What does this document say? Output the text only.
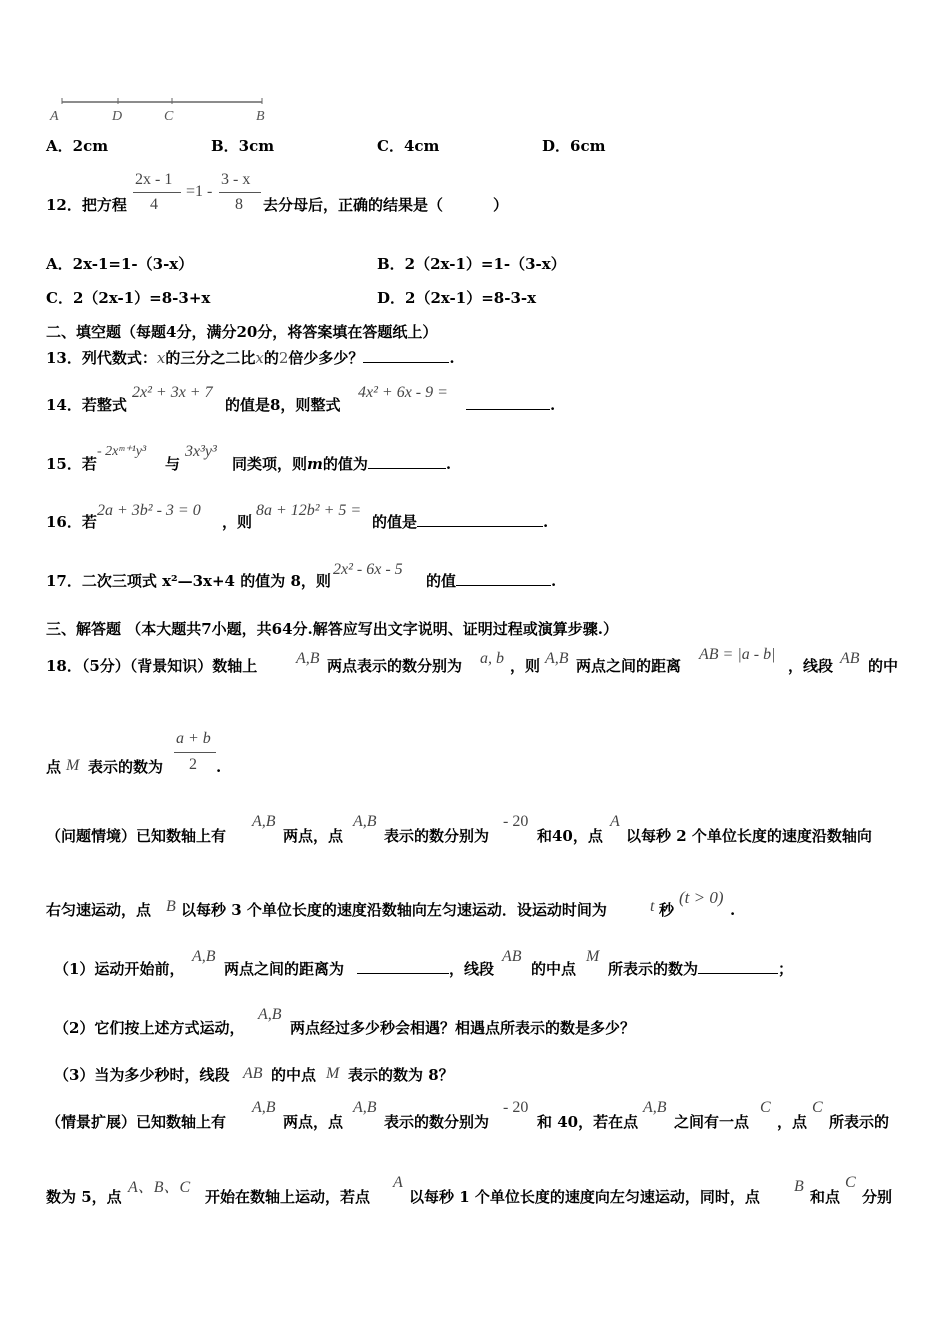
A	D	C	B
A．2cm	B．3cm	C．4cm	D．6cm
12．把方程
2x - 1
4
=1 -
3 - x
8 去分母后，正确的结果是（	）
A．2x-1=1-（3-x）	B．2（2x-1）=1-（3-x）
C．2（2x-1）=8-3+x	D．2（2x-1）=8-3-x
二、填空题（每题4分，满分20分，将答案填在答题纸上）
13．列代数式：x的三分之二比x的2倍少多少？	.
14．若整式
2x² + 3x + 7
的值是8，则整式
4x² + 6x - 9 =
.
15．若
- 2xᵐ⁺¹y³
与
3x³y³
同类项，则m的值为	.
16．若
2a + 3b² - 3 = 0
，则
8a + 12b² + 5 =
的值是	.
17．二次三项式 x²—3x+4 的值为 8，则
2x² - 6x - 5
的值	.
三、解答题 （本大题共7小题，共64分.解答应写出文字说明、证明过程或演算步骤.）
18．（5分）（背景知识）数轴上 A,B 两点表示的数分别为 a, b ，则 A,B 两点之间的距离
AB = |a - b|
，线段 AB 的中
点 M 表示的数为
a + b
2 .
（问题情境）已知数轴上有
A,B
两点，点
A,B
表示的数分别为
- 20
和40，点
A
以每秒 2 个单位长度的速度沿数轴向
右匀速运动，点 B 以每秒 3 个单位长度的速度沿数轴向左匀速运动．设运动时间为	t 秒
(t > 0)
.
（1）运动开始前，
A,B
两点之间的距离为	，线段
AB
的中点
M
所表示的数为	；
（2）它们按上述方式运动，
A,B
两点经过多少秒会相遇？相遇点所表示的数是多少？
（3）当为多少秒时，线段 AB 的中点 M 表示的数为 8？
（情景扩展）已知数轴上有
A,B
两点，点
A,B
表示的数分别为
- 20
和 40，若在点
A,B
之间有一点
C
，点
C
所表示的
数为 5，点
A、B、C
开始在数轴上运动，若点
A
以每秒 1 个单位长度的速度向左匀速运动，同时，点
B
和点
C
分别
